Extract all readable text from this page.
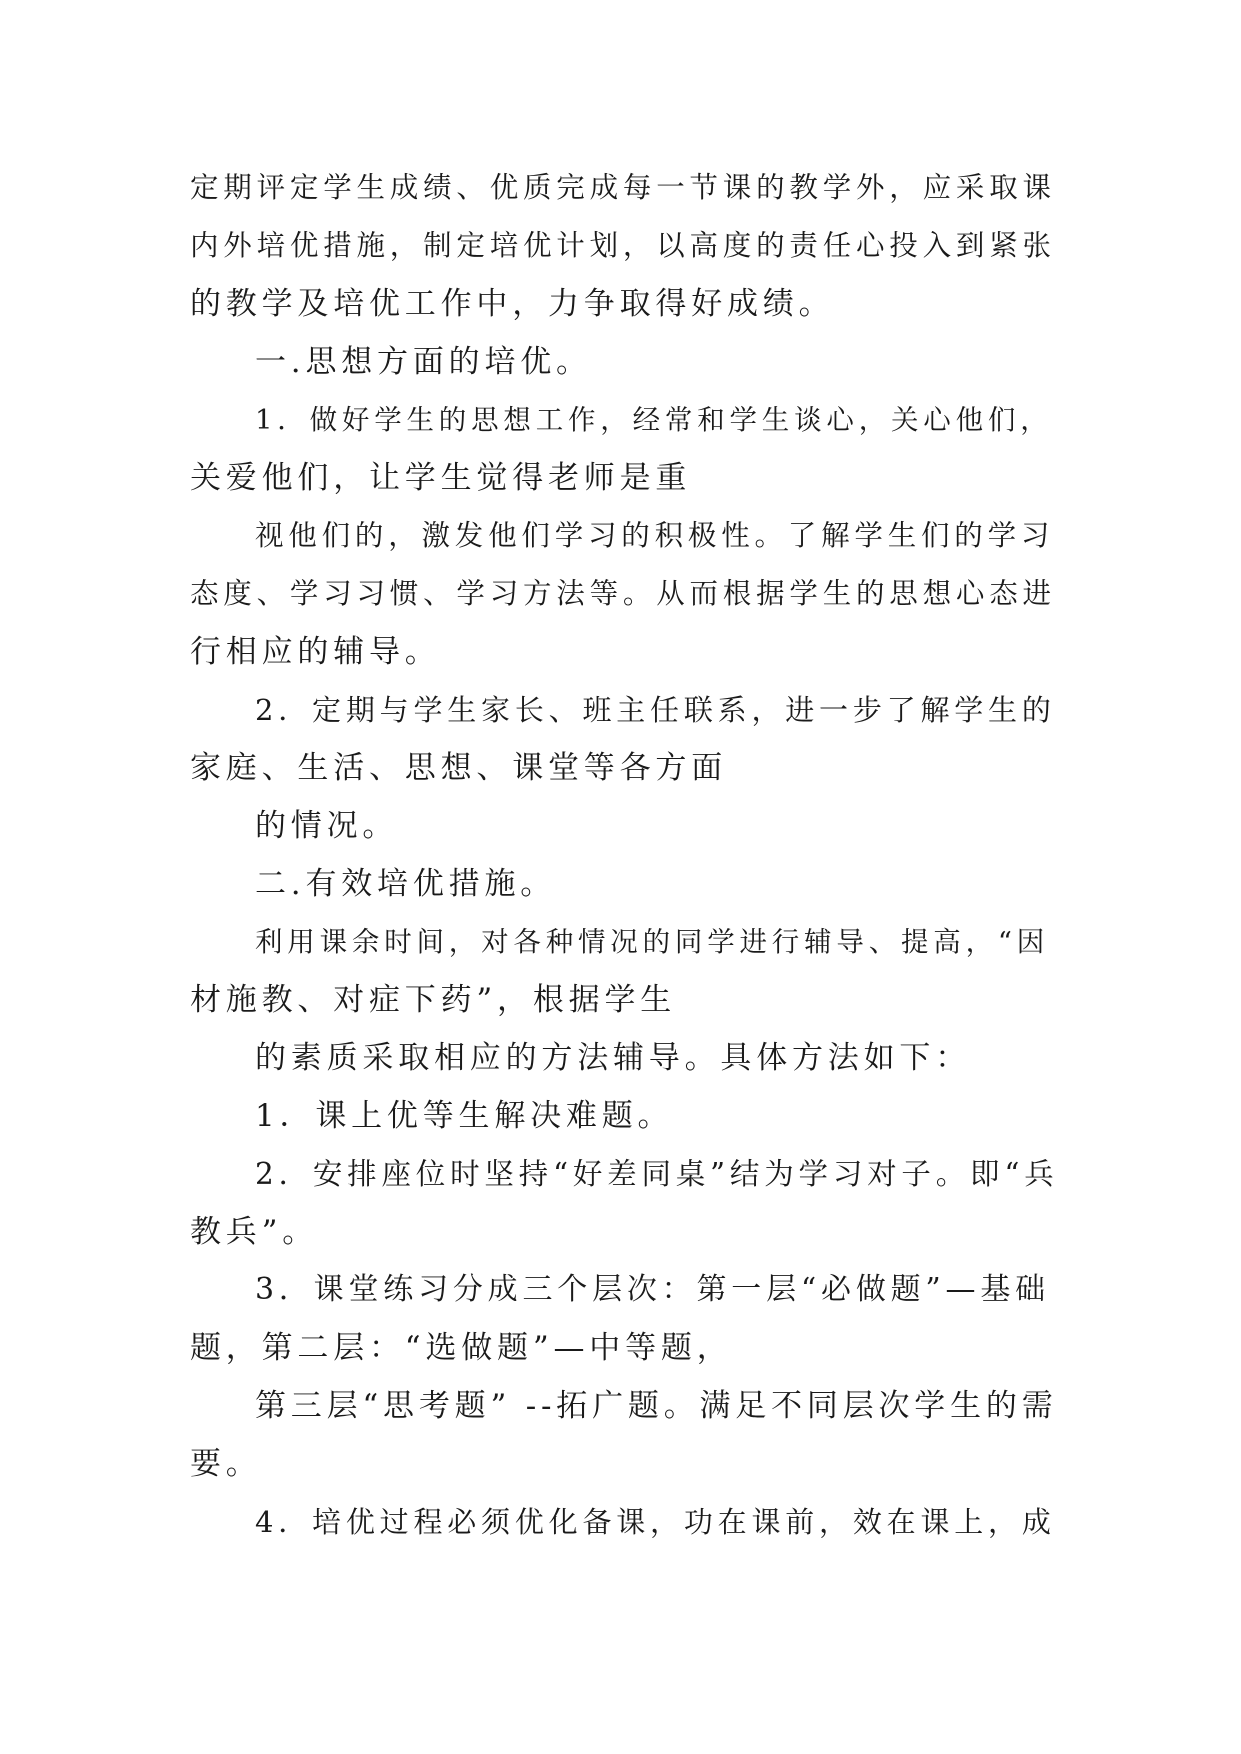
定期评定学生成绩、优质完成每一节课的教学外，应采取课
内外培优措施，制定培优计划，以高度的责任心投入到紧张
的教学及培优工作中，力争取得好成绩。
一.思想方面的培优。
1．做好学生的思想工作，经常和学生谈心，关心他们，
关爱他们，让学生觉得老师是重
视他们的，激发他们学习的积极性。了解学生们的学习
态度、学习习惯、学习方法等。从而根据学生的思想心态进
行相应的辅导。
2．定期与学生家长、班主任联系，进一步了解学生的
家庭、生活、思想、课堂等各方面
的情况。
二.有效培优措施。
利用课余时间，对各种情况的同学进行辅导、提高，“因
材施教、对症下药”，根据学生
的素质采取相应的方法辅导。具体方法如下：
1．课上优等生解决难题。
2．安排座位时坚持“好差同桌”结为学习对子。即“兵
教兵”。
3．课堂练习分成三个层次：第一层“必做题”—基础
题，第二层：“选做题”—中等题，
第三层“思考题” --拓广题。满足不同层次学生的需
要。
4．培优过程必须优化备课，功在课前，效在课上，成
